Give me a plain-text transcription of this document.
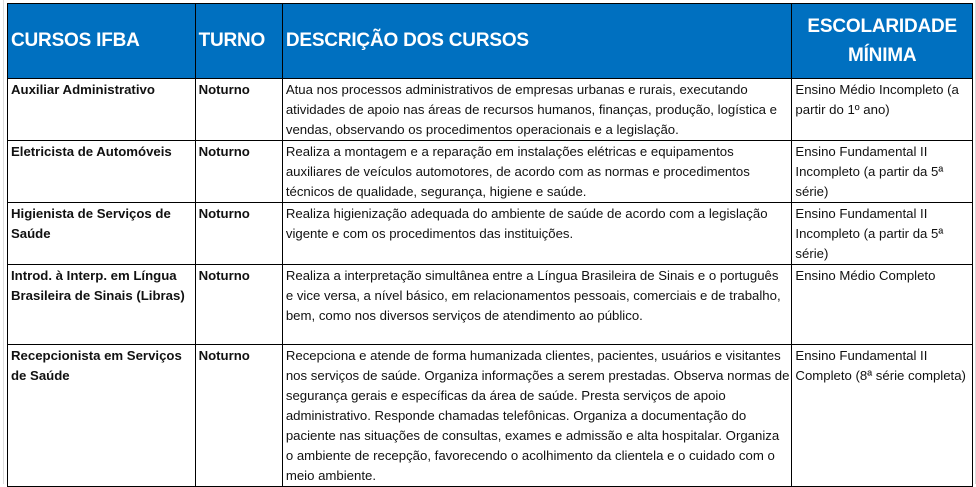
CURSOS IFBA	TURNO	DESCRIÇÃO DOS CURSOS	ESCOLARIDADE
MÍNIMA

Auxiliar Administrativo	Noturno	Atua nos processos administrativos de empresas urbanas e rurais, executando atividades de apoio nas áreas de recursos humanos, finanças, produção, logística e vendas, observando os procedimentos operacionais e a legislação.	Ensino Médio Incompleto (a partir do 1º ano)
Eletricista de Automóveis	Noturno	Realiza a montagem e a reparação em instalações elétricas e equipamentos auxiliares de veículos automotores, de acordo com as normas e procedimentos técnicos de qualidade, segurança, higiene e saúde.	Ensino Fundamental II Incompleto (a partir da 5ª série)
Higienista de Serviços de Saúde	Noturno	Realiza higienização adequada do ambiente de saúde de acordo com a legislação vigente e com os procedimentos das instituições.	Ensino Fundamental II Incompleto (a partir da 5ª série)
Introd. à Interp. em Língua Brasileira de Sinais (Libras)	Noturno	Realiza a interpretação simultânea entre a Língua Brasileira de Sinais e o português e vice versa, a nível básico, em relacionamentos pessoais, comerciais e de trabalho, bem, como nos diversos serviços de atendimento ao público.	Ensino Médio Completo
Recepcionista em Serviços de Saúde	Noturno	Recepciona e atende de forma humanizada clientes, pacientes, usuários e visitantes nos serviços de saúde. Organiza informações a serem prestadas. Observa normas de segurança gerais e específicas da área de saúde. Presta serviços de apoio administrativo. Responde chamadas telefônicas. Organiza a documentação do paciente nas situações de consultas, exames e admissão e alta hospitalar. Organiza o ambiente de recepção, favorecendo o acolhimento da clientela e o cuidado com o meio ambiente.	Ensino Fundamental II Completo (8ª série completa)
